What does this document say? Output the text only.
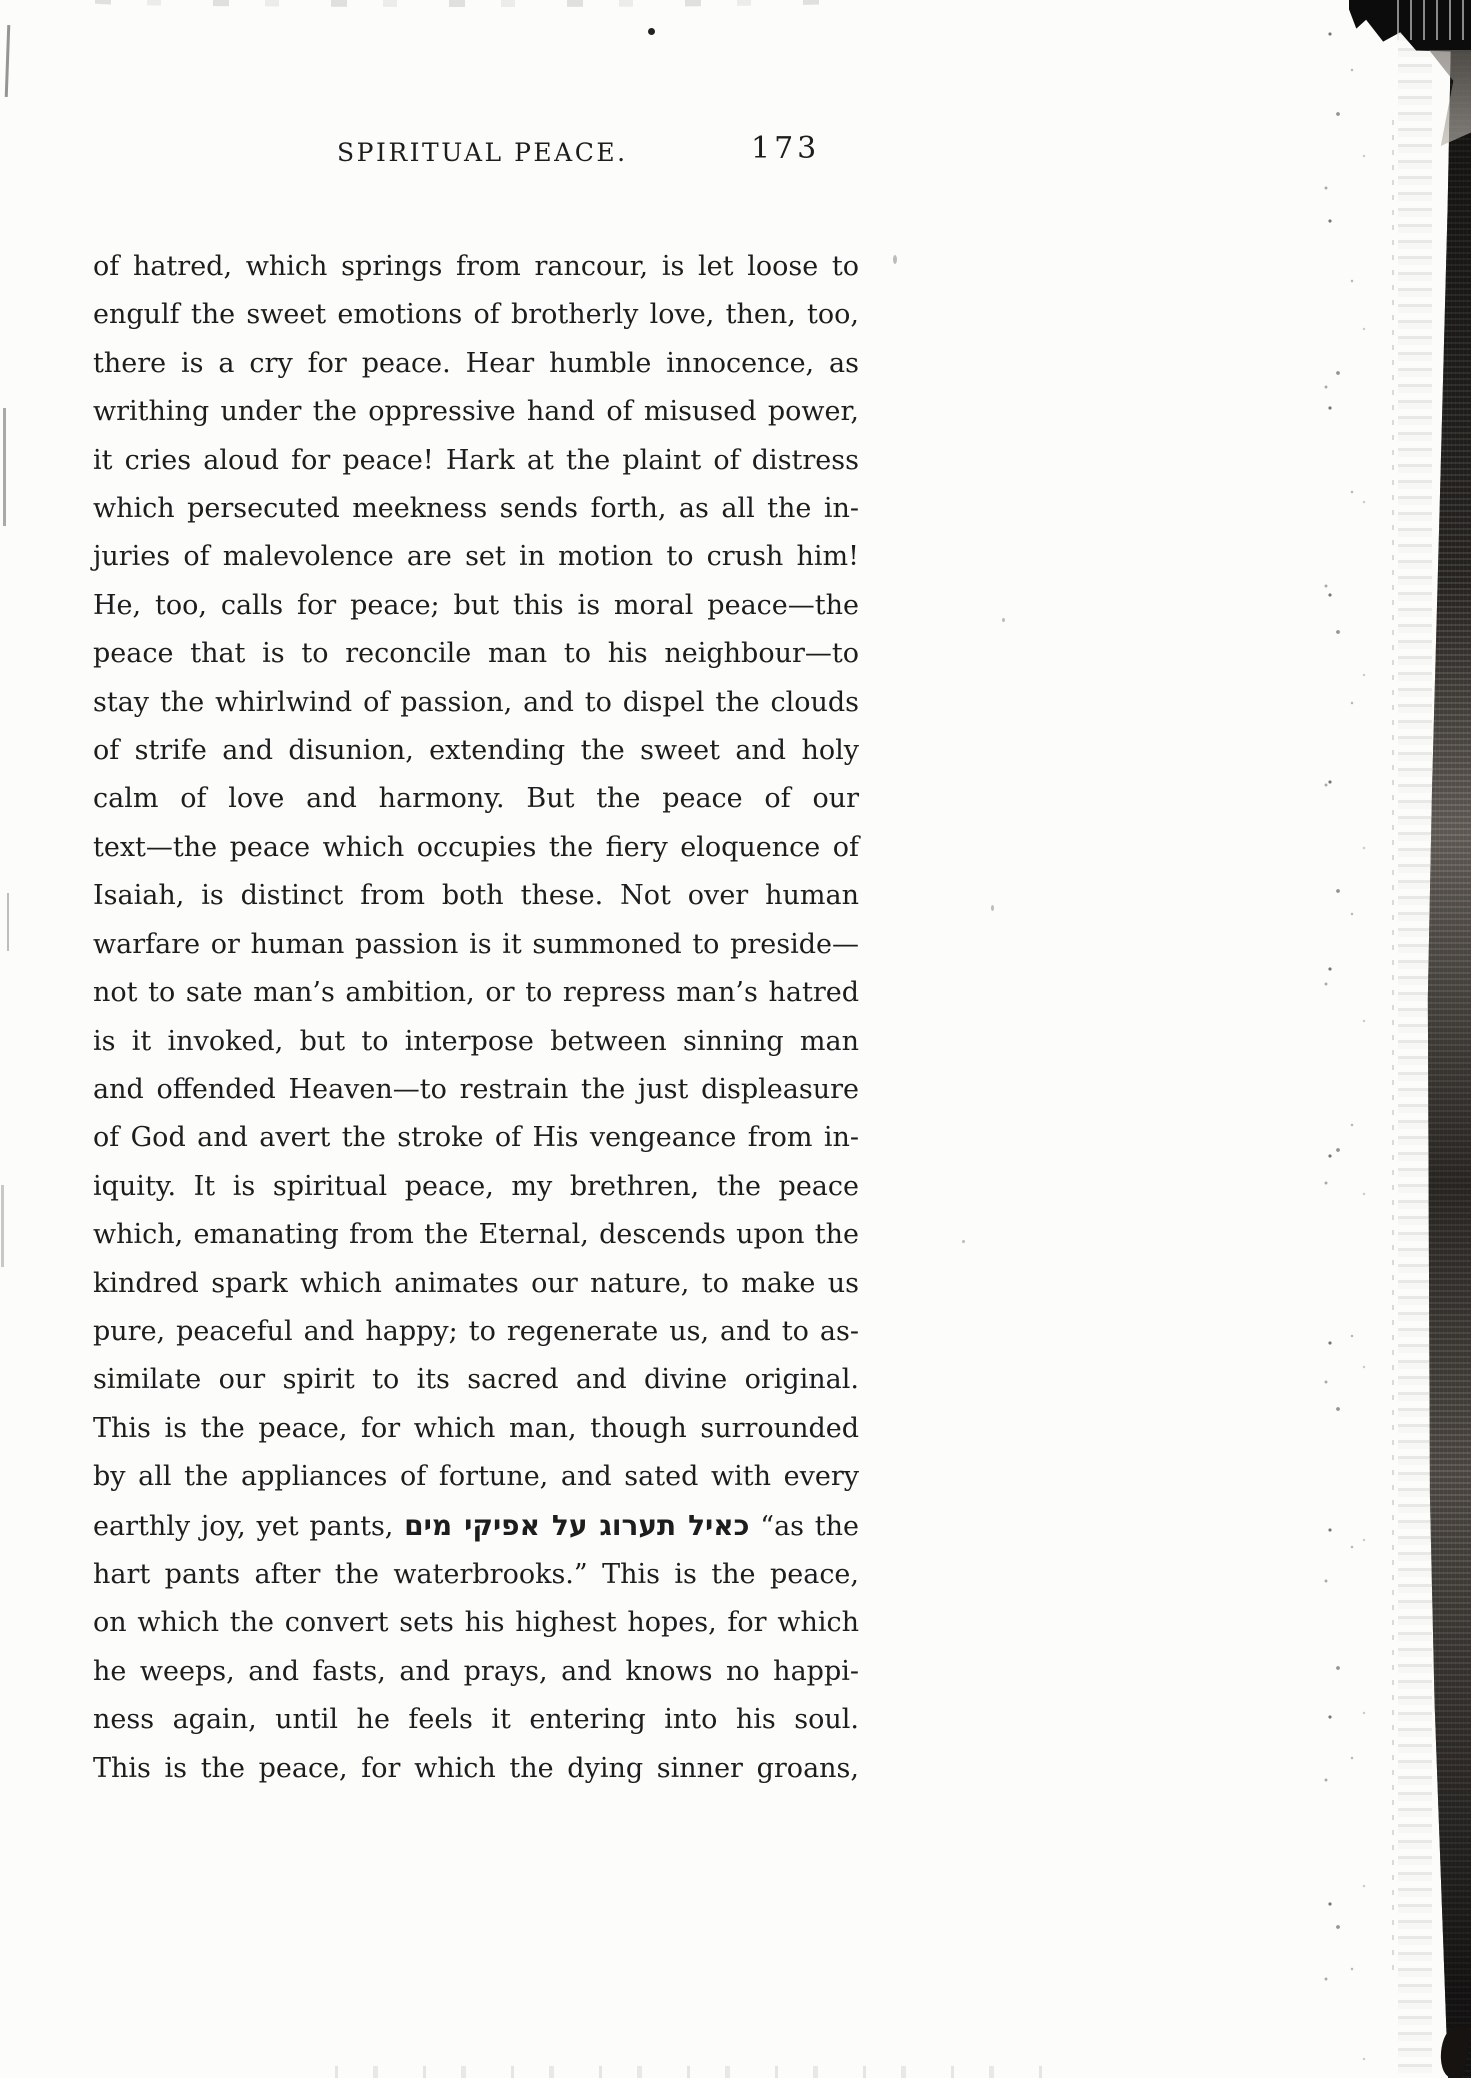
SPIRITUAL PEACE.	173
of hatred, which springs from rancour, is let loose to
engulf the sweet emotions of brotherly love, then, too,
there is a cry for peace. Hear humble innocence, as
writhing under the oppressive hand of misused power,
it cries aloud for peace! Hark at the plaint of distress
which persecuted meekness sends forth, as all the in-
juries of malevolence are set in motion to crush him!
He, too, calls for peace; but this is moral peace—the
peace that is to reconcile man to his neighbour—to
stay the whirlwind of passion, and to dispel the clouds
of strife and disunion, extending the sweet and holy
calm of love and harmony. But the peace of our
text—the peace which occupies the fiery eloquence of
Isaiah, is distinct from both these. Not over human
warfare or human passion is it summoned to preside—
not to sate man’s ambition, or to repress man’s hatred
is it invoked, but to interpose between sinning man
and offended Heaven—to restrain the just displeasure
of God and avert the stroke of His vengeance from in-
iquity. It is spiritual peace, my brethren, the peace
which, emanating from the Eternal, descends upon the
kindred spark which animates our nature, to make us
pure, peaceful and happy; to regenerate us, and to as-
similate our spirit to its sacred and divine original.
This is the peace, for which man, though surrounded
by all the appliances of fortune, and sated with every
earthly joy, yet pants, כאיל תערוג על אפיקי מים “as the
hart pants after the waterbrooks.” This is the peace,
on which the convert sets his highest hopes, for which
he weeps, and fasts, and prays, and knows no happi-
ness again, until he feels it entering into his soul.
This is the peace, for which the dying sinner groans,
